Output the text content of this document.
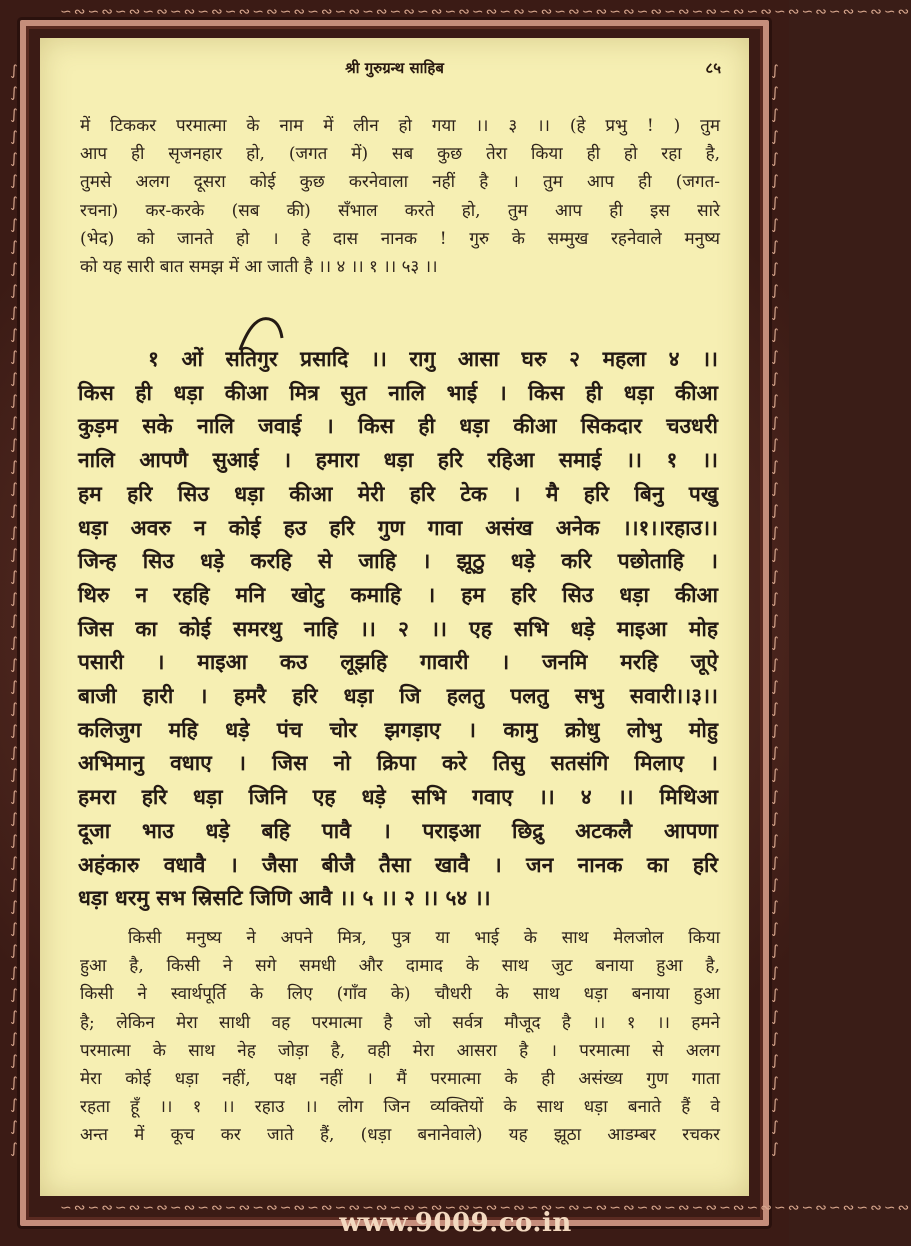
∽∾∽∾∽∾∽∾∽∾∽∾∽∾∽∾∽∾∽∾∽∾∽∾∽∾∽∾∽∾∽∾∽∾∽∾∽∾∽∾∽∾∽∾∽∾∽∾∽∾∽∾∽∾∽∾∽∾∽∾∽∾
∽∾∽∾∽∾∽∾∽∾∽∾∽∾∽∾∽∾∽∾∽∾∽∾∽∾∽∾∽∾∽∾∽∾∽∾∽∾∽∾∽∾∽∾∽∾∽∾∽∾∽∾∽∾∽∾∽∾∽∾∽∾
∫
∫
∫
∫
∫
∫
∫
∫
∫
∫
∫
∫
∫
∫
∫
∫
∫
∫
∫
∫
∫
∫
∫
∫
∫
∫
∫
∫
∫
∫
∫
∫
∫
∫
∫
∫
∫
∫
∫
∫
∫
∫
∫
∫
∫
∫
∫
∫
∫
∫
∫
∫
∫
∫
∫
∫
∫
∫
∫
∫
∫
∫
∫
∫
∫
∫
∫
∫
∫
∫
∫
∫
∫
∫
∫
∫
∫
∫
∫
∫
∫
∫
∫
∫
∫
∫
∫
∫
∫
∫
∫
∫
∫
∫
∫
∫
∫
∫
∫
∫
श्री गुरुग्रन्थ साहिब	८५
में टिककर परमात्मा के नाम में लीन हो गया ।। ३ ।। (हे प्रभु ! ) तुम
आप ही सृजनहार हो, (जगत में) सब कुछ तेरा किया ही हो रहा है,
तुमसे अलग दूसरा कोई कुछ करनेवाला नहीं है । तुम आप ही (जगत-
रचना) कर-करके (सब की) सँभाल करते हो, तुम आप ही इस सारे
(भेद) को जानते हो । हे दास नानक ! गुरु के सम्मुख रहनेवाले मनुष्य
को यह सारी बात समझ में आ जाती है ।। ४ ।। १ ।। ५३ ।।
१ ओं सतिगुर प्रसादि ।। रागु आसा घरु २ महला ४ ।।
किस ही धड़ा कीआ मित्र सुत नालि भाई । किस ही धड़ा कीआ
कुड़म सके नालि जवाई । किस ही धड़ा कीआ सिकदार चउधरी
नालि आपणै सुआई । हमारा धड़ा हरि रहिआ समाई ।। १ ।।
हम हरि सिउ धड़ा कीआ मेरी हरि टेक । मै हरि बिनु पखु
धड़ा अवरु न कोई हउ हरि गुण गावा असंख अनेक ।।१।।रहाउ।।
जिन्ह सिउ धड़े करहि से जाहि । झूठु धड़े करि पछोताहि ।
थिरु न रहहि मनि खोटु कमाहि । हम हरि सिउ धड़ा कीआ
जिस का कोई समरथु नाहि ।। २ ।। एह सभि धड़े माइआ मोह
पसारी । माइआ कउ लूझहि गावारी । जनमि मरहि जूऐ
बाजी हारी । हमरै हरि धड़ा जि हलतु पलतु सभु सवारी।।३।।
कलिजुग महि धड़े पंच चोर झगड़ाए । कामु क्रोधु लोभु मोहु
अभिमानु वधाए । जिस नो क्रिपा करे तिसु सतसंगि मिलाए ।
हमरा हरि धड़ा जिनि एह धड़े सभि गवाए ।। ४ ।। मिथिआ
दूजा भाउ धड़े बहि पावै । पराइआ छिद्रु अटकलै आपणा
अहंकारु वधावै । जैसा बीजै तैसा खावै । जन नानक का हरि
धड़ा धरमु सभ स्रिसटि जिणि आवै ।। ५ ।। २ ।। ५४ ।।
किसी मनुष्य ने अपने मित्र, पुत्र या भाई के साथ मेलजोल किया
हुआ है, किसी ने सगे समधी और दामाद के साथ जुट बनाया हुआ है,
किसी ने स्वार्थपूर्ति के लिए (गाँव के) चौधरी के साथ धड़ा बनाया हुआ
है; लेकिन मेरा साथी वह परमात्मा है जो सर्वत्र मौजूद है ।। १ ।। हमने
परमात्मा के साथ नेह जोड़ा है, वही मेरा आसरा है । परमात्मा से अलग
मेरा कोई धड़ा नहीं, पक्ष नहीं । मैं परमात्मा के ही असंख्य गुण गाता
रहता हूँ ।। १ ।। रहाउ ।। लोग जिन व्यक्तियों के साथ धड़ा बनाते हैं वे
अन्त में कूच कर जाते हैं, (धड़ा बनानेवाले) यह झूठा आडम्बर रचकर
www.9009.co.in
